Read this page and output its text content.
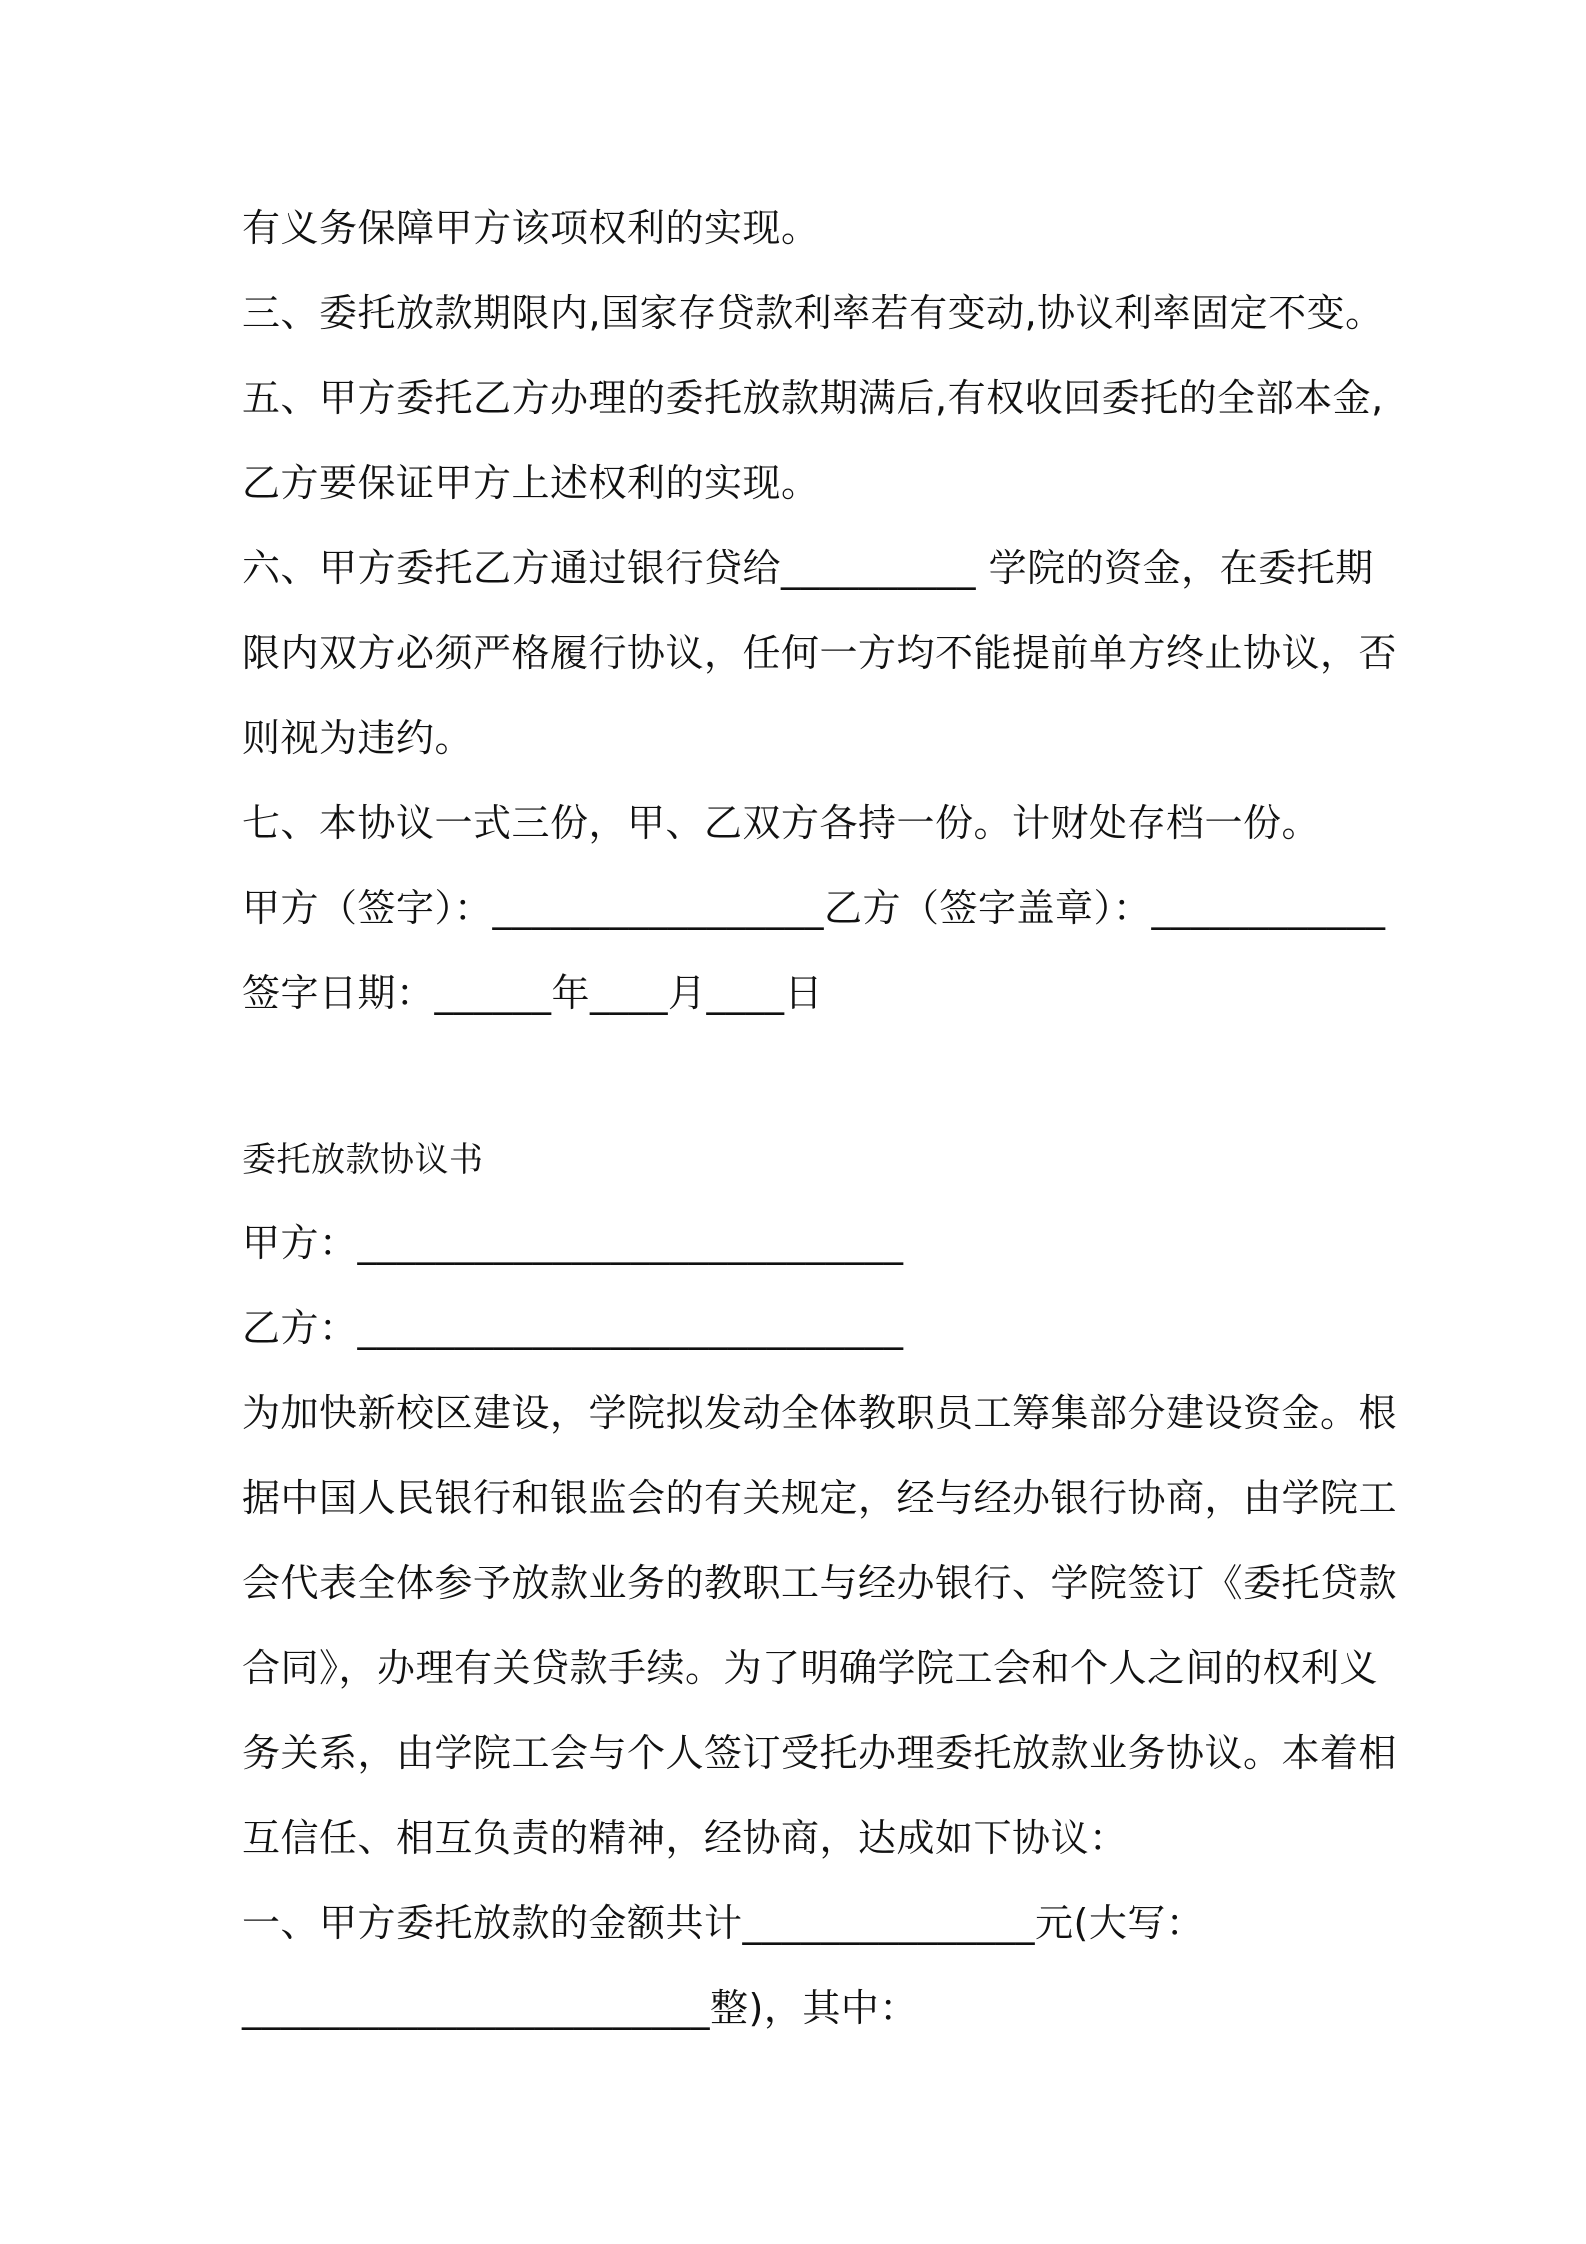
有义务保障甲方该项权利的实现。
三、委托放款期限内,国家存贷款利率若有变动,协议利率固定不变。
五、甲方委托乙方办理的委托放款期满后,有权收回委托的全部本金,
乙方要保证甲方上述权利的实现。
六、甲方委托乙方通过银行贷给__________ 学院的资金，在委托期
限内双方必须严格履行协议，任何一方均不能提前单方终止协议，否
则视为违约。
七、本协议一式三份，甲、乙双方各持一份。计财处存档一份。
甲方（签字）：_________________乙方（签字盖章）：____________
签字日期：______年____月____日
委托放款协议书
甲方：____________________________
乙方：____________________________
为加快新校区建设，学院拟发动全体教职员工筹集部分建设资金。根
据中国人民银行和银监会的有关规定，经与经办银行协商，由学院工
会代表全体参予放款业务的教职工与经办银行、学院签订《委托贷款
合同》，办理有关贷款手续。为了明确学院工会和个人之间的权利义
务关系，由学院工会与个人签订受托办理委托放款业务协议。本着相
互信任、相互负责的精神，经协商，达成如下协议：
一、甲方委托放款的金额共计_______________元(大写：
________________________整)，其中：
